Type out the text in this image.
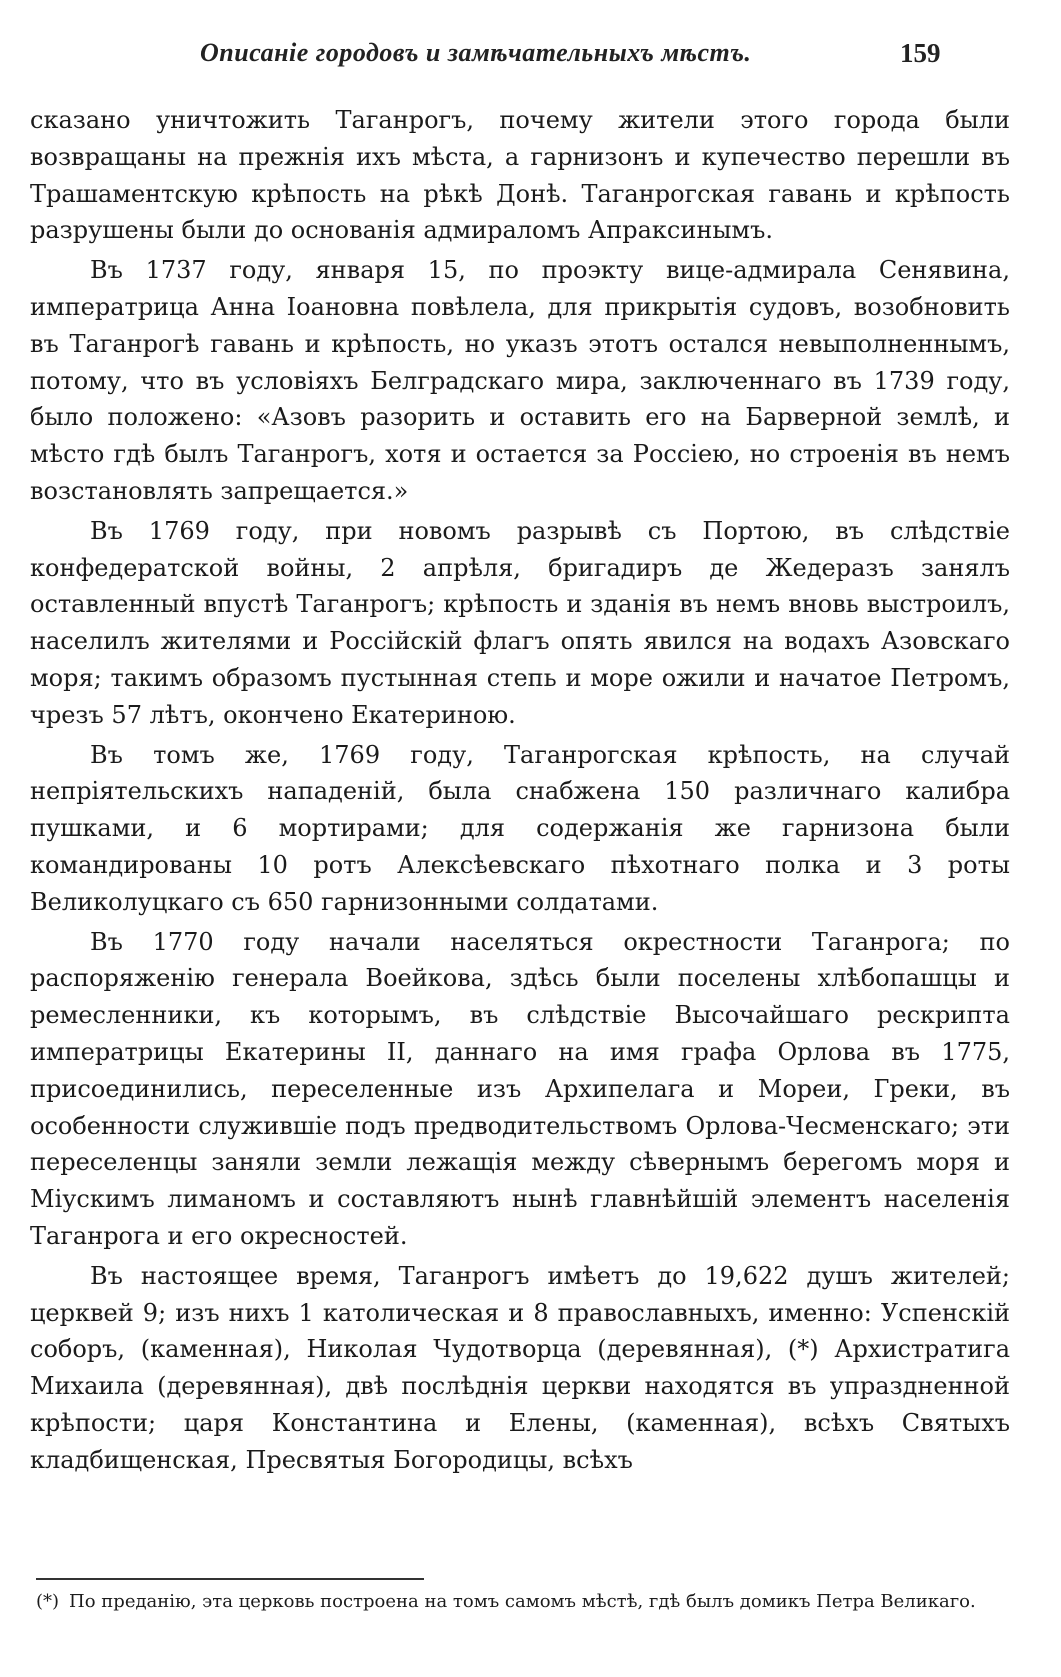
Описаніе городовъ и замѣчательныхъ мѣстъ.	159

сказано уничтожить Таганрогъ, почему жители этого города были возвращаны на прежнія ихъ мѣста, а гарнизонъ и купечество перешли въ Трашаментскую крѣпость на рѣкѣ Донѣ. Таганрогская гавань и крѣпость разрушены были до основанія адмираломъ Апраксинымъ.

Въ 1737 году, января 15, по проэкту вице-адмирала Сенявина, императрица Анна Іоановна повѣлела, для прикрытія судовъ, возобновить въ Таганрогѣ гавань и крѣпость, но указъ этотъ остался невыполненнымъ, потому, что въ условіяхъ Белградскаго мира, заключеннаго въ 1739 году, было положено: «Азовъ разорить и оставить его на Барверной землѣ, и мѣсто гдѣ былъ Таганрогъ, хотя и остается за Россіею, но строенія въ немъ возстановлять запрещается.»

Въ 1769 году, при новомъ разрывѣ съ Портою, въ слѣдствіе конфедератской войны, 2 апрѣля, бригадиръ де Жедеразъ занялъ оставленный впустѣ Таганрогъ; крѣпость и зданія въ немъ вновь выстроилъ, населилъ жителями и Россійскій флагъ опять явился на водахъ Азовскаго моря; такимъ образомъ пустынная степь и море ожили и начатое Петромъ, чрезъ 57 лѣтъ, окончено Екатериною.

Въ томъ же, 1769 году, Таганрогская крѣпость, на случай непріятельскихъ нападеній, была снабжена 150 различнаго калибра пушками, и 6 мортирами; для содержанія же гарнизона были командированы 10 ротъ Алексѣевскаго пѣхотнаго полка и 3 роты Великолуцкаго съ 650 гарнизонными солдатами.

Въ 1770 году начали населяться окрестности Таганрога; по распоряженію генерала Воейкова, здѣсь были поселены хлѣбопашцы и ремесленники, къ которымъ, въ слѣдствіе Высочайшаго рескрипта императрицы Екатерины II, даннаго на имя графа Орлова въ 1775, присоединились, переселенные изъ Архипелага и Мореи, Греки, въ особенности служившіе подъ предводительствомъ Орлова-Чесменскаго; эти переселенцы заняли земли лежащія между сѣвернымъ берегомъ моря и Міускимъ лиманомъ и составляютъ нынѣ главнѣйшій элементъ населенія Таганрога и его окресностей.

Въ настоящее время, Таганрогъ имѣетъ до 19,622 душъ жителей; церквей 9; изъ нихъ 1 католическая и 8 православныхъ, именно: Успенскій соборъ, (каменная), Николая Чудотворца (деревянная), (*) Архистратига Михаила (деревянная), двѣ послѣднія церкви находятся въ упраздненной крѣпости; царя Константина и Елены, (каменная), всѣхъ Святыхъ кладбищенская, Пресвятыя Богородицы, всѣхъ

(*) По преданію, эта церковь построена на томъ самомъ мѣстѣ, гдѣ былъ домикъ Петра Великаго.
